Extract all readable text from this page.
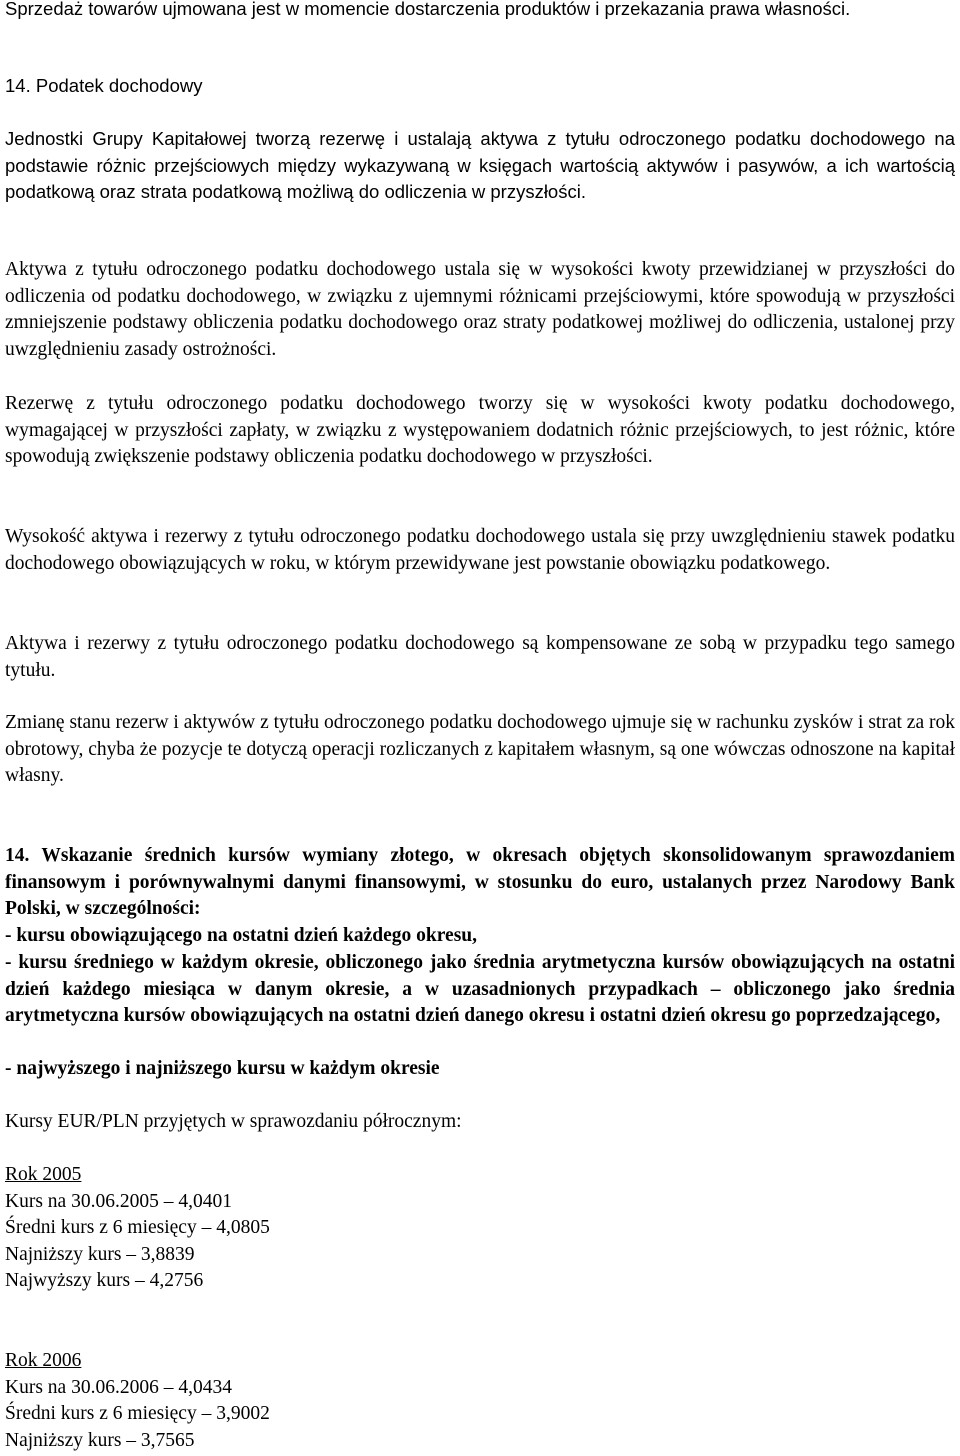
Sprzedaż towarów ujmowana jest w momencie dostarczenia produktów i przekazania prawa własności.

14. Podatek dochodowy

Jednostki Grupy Kapitałowej tworzą rezerwę i ustalają aktywa z tytułu odroczonego podatku dochodowego na podstawie różnic przejściowych między wykazywaną w księgach wartością aktywów i pasywów, a ich wartością podatkową oraz strata podatkową możliwą do odliczenia w przyszłości.

Aktywa z tytułu odroczonego podatku dochodowego ustala się w wysokości kwoty przewidzianej w przyszłości do odliczenia od podatku dochodowego, w związku z ujemnymi różnicami przejściowymi, które spowodują w przyszłości zmniejszenie podstawy obliczenia podatku dochodowego oraz straty podatkowej możliwej do odliczenia, ustalonej przy uwzględnieniu zasady ostrożności.

Rezerwę z tytułu odroczonego podatku dochodowego tworzy się w wysokości kwoty podatku dochodowego, wymagającej w przyszłości zapłaty, w związku z występowaniem dodatnich różnic przejściowych, to jest różnic, które spowodują zwiększenie podstawy obliczenia podatku dochodowego w przyszłości.

Wysokość aktywa i rezerwy z tytułu odroczonego podatku dochodowego ustala się przy uwzględnieniu stawek podatku dochodowego obowiązujących w roku, w którym przewidywane jest powstanie obowiązku podatkowego.

Aktywa i rezerwy z tytułu odroczonego podatku dochodowego są kompensowane ze sobą w przypadku tego samego tytułu.

Zmianę stanu rezerw i aktywów z tytułu odroczonego podatku dochodowego ujmuje się w rachunku zysków i strat za rok obrotowy, chyba że pozycje te dotyczą operacji rozliczanych z kapitałem własnym, są one wówczas odnoszone na kapitał własny.

14. Wskazanie średnich kursów wymiany złotego, w okresach objętych skonsolidowanym sprawozdaniem finansowym i porównywalnymi danymi finansowymi, w stosunku do euro, ustalanych przez Narodowy Bank Polski, w szczególności:

- kursu obowiązującego na ostatni dzień każdego okresu,

- kursu średniego w każdym okresie, obliczonego jako średnia arytmetyczna kursów obowiązujących na ostatni dzień każdego miesiąca w danym okresie, a w uzasadnionych przypadkach – obliczonego jako średnia arytmetyczna kursów obowiązujących na ostatni dzień danego okresu i ostatni dzień okresu go poprzedzającego,

- najwyższego i najniższego kursu w każdym okresie

Kursy EUR/PLN przyjętych w sprawozdaniu półrocznym:

Rok 2005
Kurs na 30.06.2005 – 4,0401
Średni kurs z 6 miesięcy – 4,0805
Najniższy kurs – 3,8839
Najwyższy kurs – 4,2756
Rok 2006
Kurs na 30.06.2006 – 4,0434
Średni kurs z 6 miesięcy – 3,9002
Najniższy kurs – 3,7565
